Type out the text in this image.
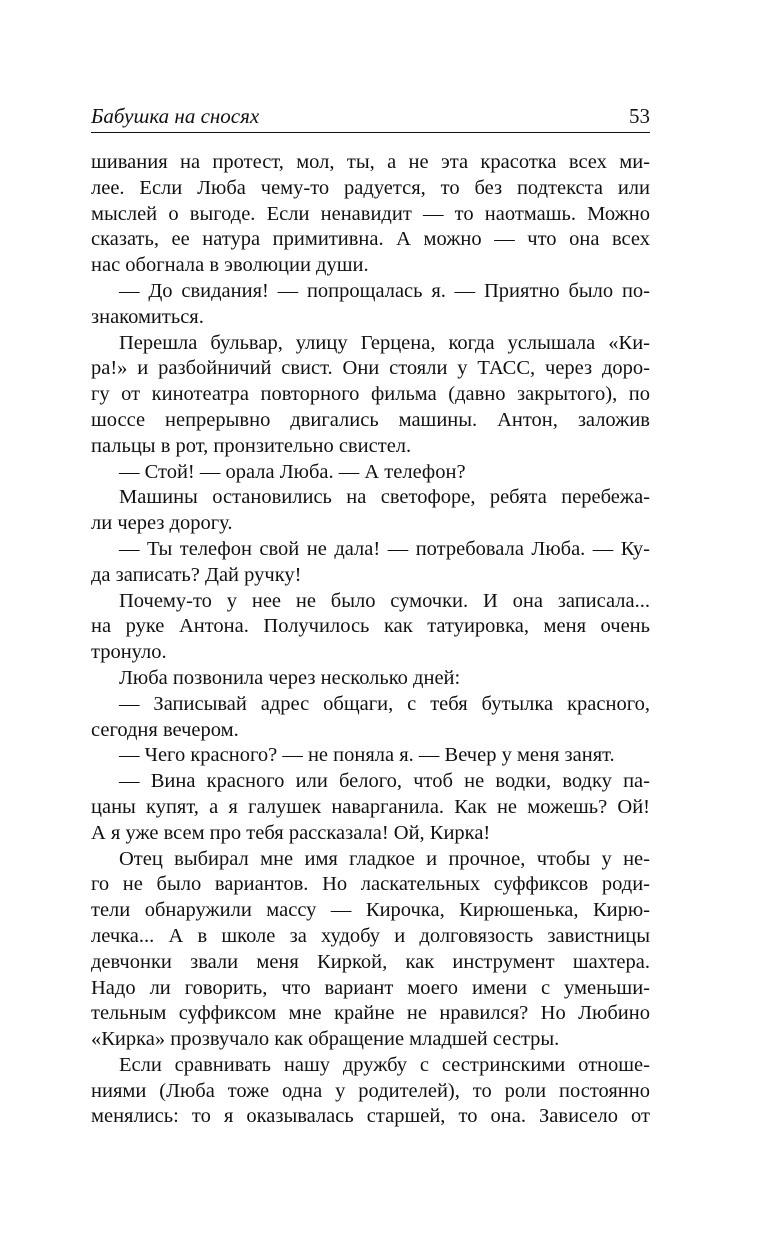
Бабушка на сносях	53
шивания на протест, мол, ты, а не эта красотка всех ми-
лее. Если Люба чему-то радуется, то без подтекста или
мыслей о выгоде. Если ненавидит — то наотмашь. Можно
сказать, ее натура примитивна. А можно — что она всех
нас обогнала в эволюции души.
— До свидания! — попрощалась я. — Приятно было по-
знакомиться.
Перешла бульвар, улицу Герцена, когда услышала «Ки-
ра!» и разбойничий свист. Они стояли у ТАСС, через доро-
гу от кинотеатра повторного фильма (давно закрытого), по
шоссе непрерывно двигались машины. Антон, заложив
пальцы в рот, пронзительно свистел.
— Стой! — орала Люба. — А телефон?
Машины остановились на светофоре, ребята перебежа-
ли через дорогу.
— Ты телефон свой не дала! — потребовала Люба. — Ку-
да записать? Дай ручку!
Почему-то у нее не было сумочки. И она записала...
на руке Антона. Получилось как татуировка, меня очень
тронуло.
Люба позвонила через несколько дней:
— Записывай адрес общаги, с тебя бутылка красного,
сегодня вечером.
— Чего красного? — не поняла я. — Вечер у меня занят.
— Вина красного или белого, чтоб не водки, водку па-
цаны купят, а я галушек наварганила. Как не можешь? Ой!
А я уже всем про тебя рассказала! Ой, Кирка!
Отец выбирал мне имя гладкое и прочное, чтобы у не-
го не было вариантов. Но ласкательных суффиксов роди-
тели обнаружили массу — Кирочка, Кирюшенька, Кирю-
лечка... А в школе за худобу и долговязость завистницы
девчонки звали меня Киркой, как инструмент шахтера.
Надо ли говорить, что вариант моего имени с уменьши-
тельным суффиксом мне крайне не нравился? Но Любино
«Кирка» прозвучало как обращение младшей сестры.
Если сравнивать нашу дружбу с сестринскими отноше-
ниями (Люба тоже одна у родителей), то роли постоянно
менялись: то я оказывалась старшей, то она. Зависело от
